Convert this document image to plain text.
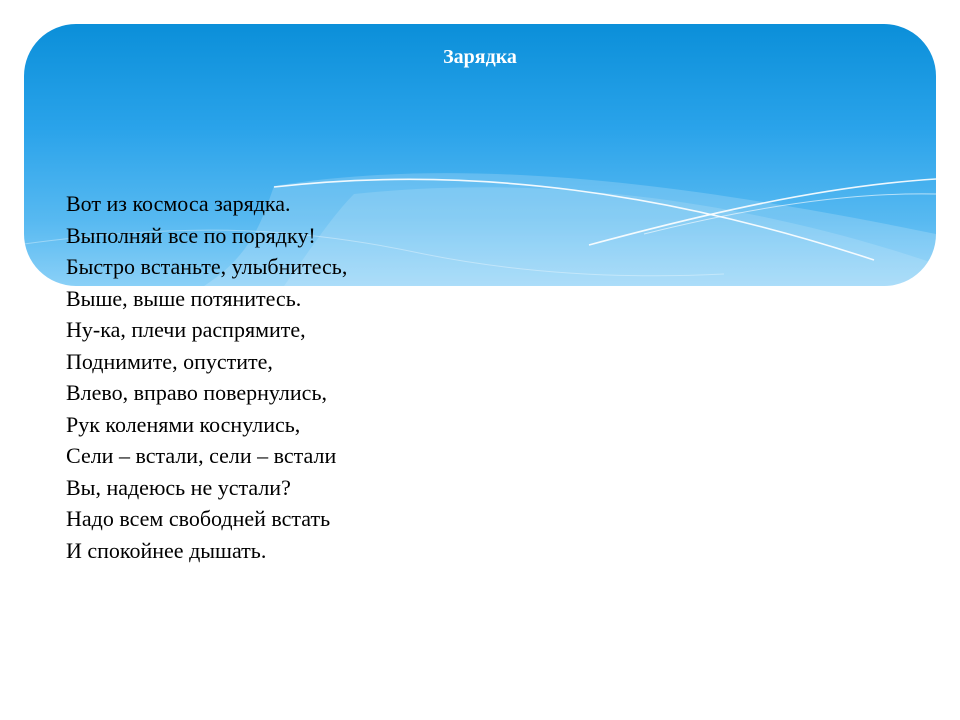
Зарядка
Вот из космоса зарядка.
Выполняй все по порядку!
Быстро встаньте, улыбнитесь,
Выше, выше потянитесь.
Ну-ка, плечи распрямите,
Поднимите, опустите,
Влево, вправо повернулись,
Рук коленями коснулись,
Сели – встали, сели – встали
Вы, надеюсь не устали?
Надо всем свободней встать
И спокойнее дышать.
